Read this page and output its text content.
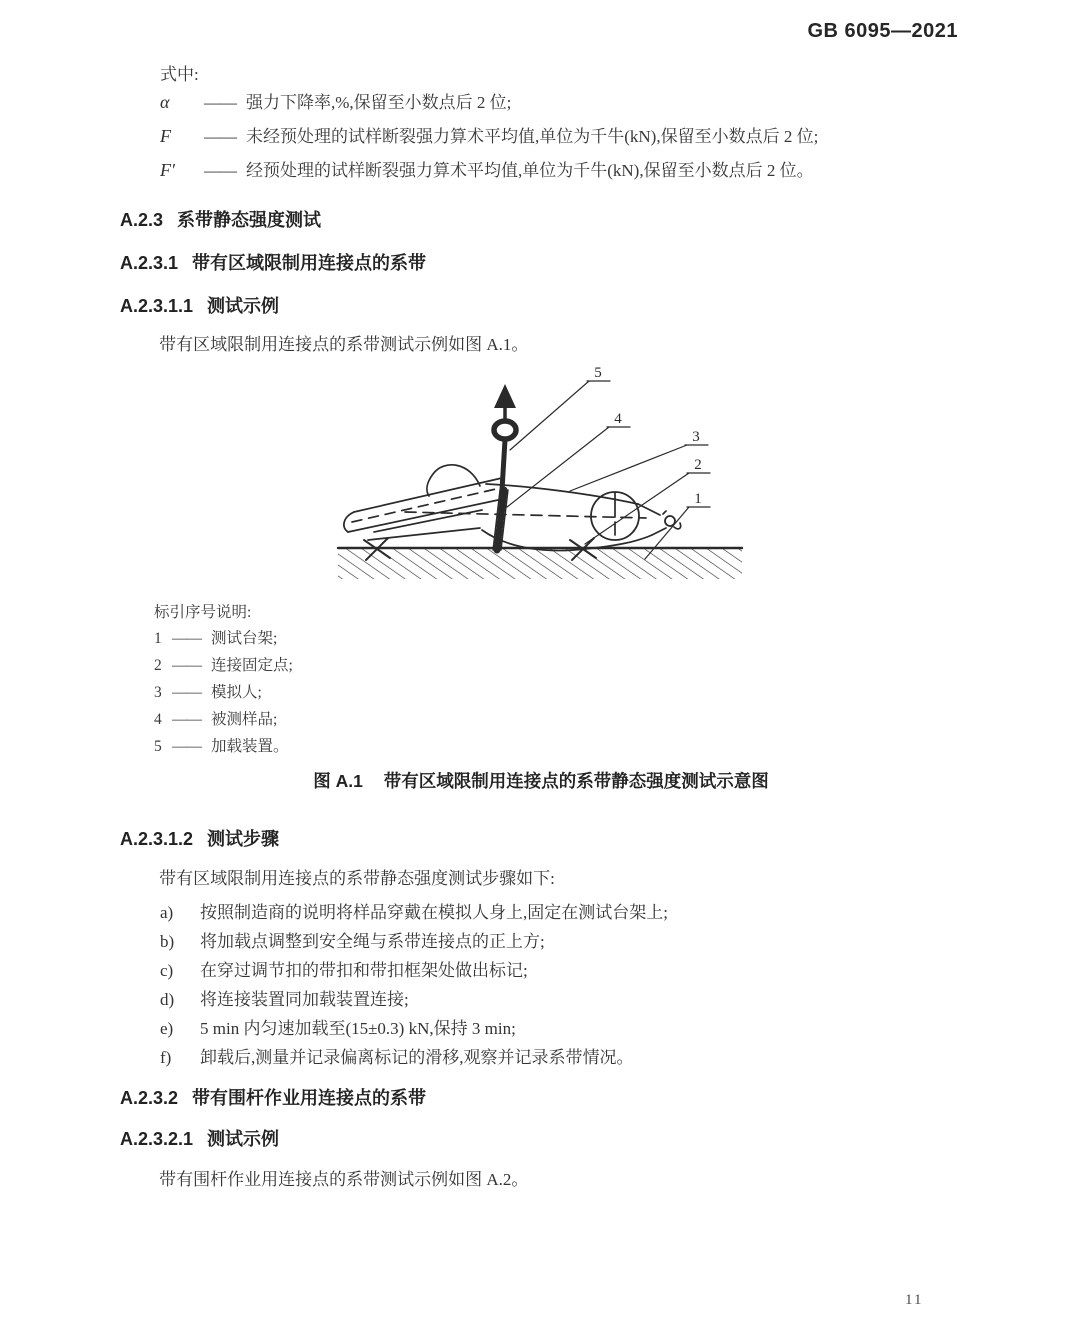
GB 6095—2021
式中:
α	—— 强力下降率,%,保留至小数点后 2 位;
F	—— 未经预处理的试样断裂强力算术平均值,单位为千牛(kN),保留至小数点后 2 位;
F′	—— 经预处理的试样断裂强力算术平均值,单位为千牛(kN),保留至小数点后 2 位。
A.2.3 系带静态强度测试
A.2.3.1 带有区域限制用连接点的系带
A.2.3.1.1 测试示例
带有区域限制用连接点的系带测试示例如图 A.1。
5
4
3
2
1
标引序号说明:
1 —— 测试台架;
2 —— 连接固定点;
3 —— 模拟人;
4 —— 被测样品;
5 —— 加载装置。
图 A.1 带有区域限制用连接点的系带静态强度测试示意图
A.2.3.1.2 测试步骤
带有区域限制用连接点的系带静态强度测试步骤如下:
a)	按照制造商的说明将样品穿戴在模拟人身上,固定在测试台架上;
b)	将加载点调整到安全绳与系带连接点的正上方;
c)	在穿过调节扣的带扣和带扣框架处做出标记;
d)	将连接装置同加载装置连接;
e)	5 min 内匀速加载至(15±0.3) kN,保持 3 min;
f)	卸载后,测量并记录偏离标记的滑移,观察并记录系带情况。
A.2.3.2 带有围杆作业用连接点的系带
A.2.3.2.1 测试示例
带有围杆作业用连接点的系带测试示例如图 A.2。
11
